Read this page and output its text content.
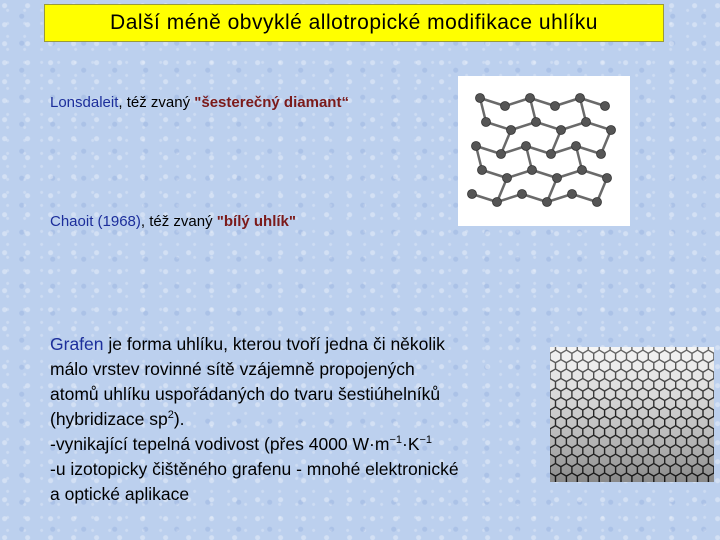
Další méně obvyklé allotropické modifikace uhlíku
Lonsdaleit, též zvaný "šesterečný diamant“
Chaoit (1968), též zvaný "bílý uhlík"

Grafen je forma uhlíku, kterou tvoří jedna či několik

málo vrstev rovinné sítě vzájemně propojených

atomů uhlíku uspořádaných do tvaru šestiúhelníků

(hybridizace $sp^2$).

-vynikající tepelná vodivost (přes 4000 $W\cdot m^{-1}\cdot K^{-1}$

-u izotopicky čištěného grafenu - mnohé elektronické

a optické aplikace
